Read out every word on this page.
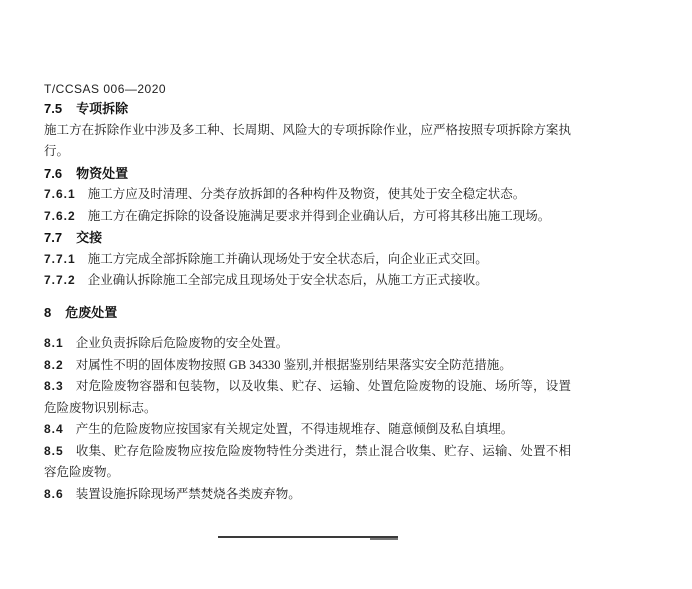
T/CCSAS 006—2020
7.5 专项拆除

施工方在拆除作业中涉及多工种、长周期、风险大的专项拆除作业，应严格按照专项拆除方案执行。

7.6 物资处置

7.6.1 施工方应及时清理、分类存放拆卸的各种构件及物资，使其处于安全稳定状态。

7.6.2 施工方在确定拆除的设备设施满足要求并得到企业确认后，方可将其移出施工现场。

7.7 交接

7.7.1 施工方完成全部拆除施工并确认现场处于安全状态后，向企业正式交回。

7.7.2 企业确认拆除施工全部完成且现场处于安全状态后，从施工方正式接收。

8 危废处置

8.1 企业负责拆除后危险废物的安全处置。

8.2 对属性不明的固体废物按照 GB 34330 鉴别,并根据鉴别结果落实安全防范措施。

8.3 对危险废物容器和包装物，以及收集、贮存、运输、处置危险废物的设施、场所等，设置危险废物识别标志。

8.4 产生的危险废物应按国家有关规定处置，不得违规堆存、随意倾倒及私自填埋。

8.5 收集、贮存危险废物应按危险废物特性分类进行，禁止混合收集、贮存、运输、处置不相容危险废物。

8.6 装置设施拆除现场严禁焚烧各类废弃物。
